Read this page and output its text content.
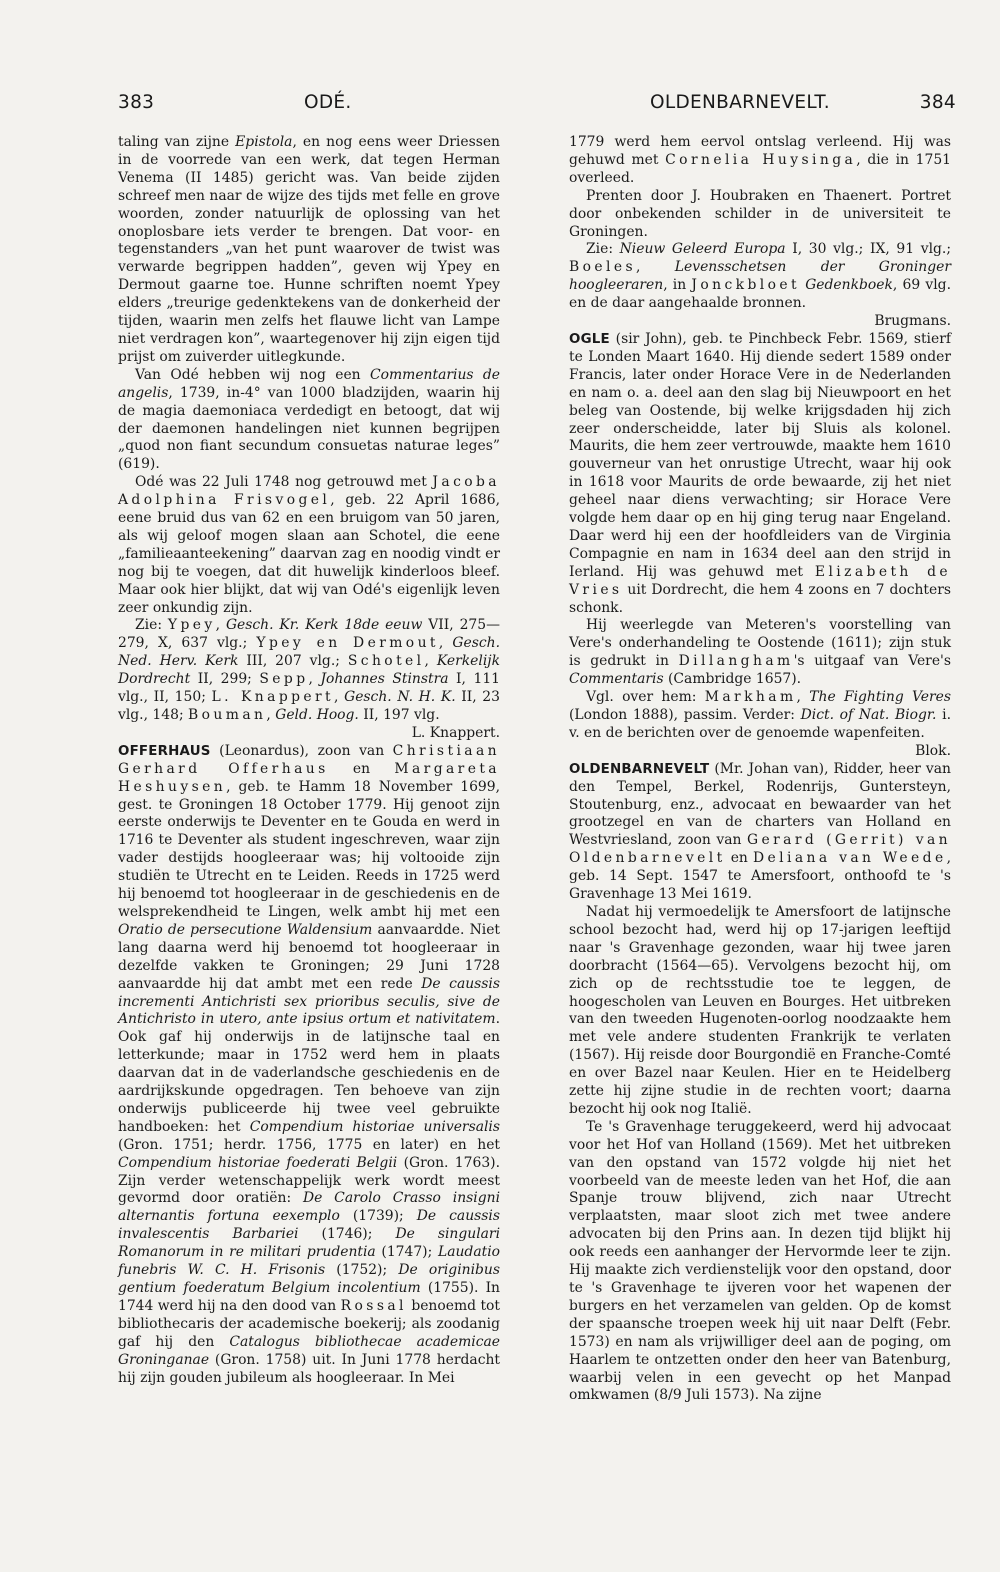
383	ODÉ.	OLDENBARNEVELT.	384

taling van zijne Epistola, en nog eens weer Driessen in de voorrede van een werk, dat tegen Herman Venema (II 1485) gericht was. Van beide zijden schreef men naar de wijze des tijds met felle en grove woorden, zonder natuurlijk de oplossing van het onoplosbare iets verder te brengen. Dat voor- en tegenstanders „van het punt waarover de twist was verwarde begrippen hadden”, geven wij Ypey en Dermout gaarne toe. Hunne schriften noemt Ypey elders „treurige gedenktekens van de donkerheid der tijden, waarin men zelfs het flauwe licht van Lampe niet verdragen kon”, waartegenover hij zijn eigen tijd prijst om zuiverder uitlegkunde.

Van Odé hebben wij nog een Commentarius de angelis, 1739, in-4° van 1000 bladzijden, waarin hij de magia daemoniaca verdedigt en betoogt, dat wij der daemonen handelingen niet kunnen begrijpen „quod non fiant secundum consuetas naturae leges” (619).

Odé was 22 Juli 1748 nog getrouwd met Jacoba Adolphina Frisvogel, geb. 22 April 1686, eene bruid dus van 62 en een bruigom van 50 jaren, als wij geloof mogen slaan aan Schotel, die eene „familieaanteekening” daarvan zag en noodig vindt er nog bij te voegen, dat dit huwelijk kinderloos bleef. Maar ook hier blijkt, dat wij van Odé's eigenlijk leven zeer onkundig zijn.

Zie: Ypey, Gesch. Kr. Kerk 18de eeuw VII, 275—279, X, 637 vlg.; Ypey en Dermout, Gesch. Ned. Herv. Kerk III, 207 vlg.; Schotel, Kerkelijk Dordrecht II, 299; Sepp, Johannes Stinstra I, 111 vlg., II, 150; L. Knappert, Gesch. N. H. K. II, 23 vlg., 148; Bouman, Geld. Hoog. II, 197 vlg.

L. Knappert.

OFFERHAUS (Leonardus), zoon van Christiaan Gerhard Offerhaus en Margareta Heshuysen, geb. te Hamm 18 November 1699, gest. te Groningen 18 October 1779. Hij genoot zijn eerste onderwijs te Deventer en te Gouda en werd in 1716 te Deventer als student ingeschreven, waar zijn vader destijds hoogleeraar was; hij voltooide zijn studiën te Utrecht en te Leiden. Reeds in 1725 werd hij benoemd tot hoogleeraar in de geschiedenis en de welsprekendheid te Lingen, welk ambt hij met een Oratio de persecutione Waldensium aanvaardde. Niet lang daarna werd hij benoemd tot hoogleeraar in dezelfde vakken te Groningen; 29 Juni 1728 aanvaardde hij dat ambt met een rede De caussis incrementi Antichristi sex prioribus seculis, sive de Antichristo in utero, ante ipsius ortum et nativitatem. Ook gaf hij onderwijs in de latijnsche taal en letterkunde; maar in 1752 werd hem in plaats daarvan dat in de vaderlandsche geschiedenis en de aardrijkskunde opgedragen. Ten behoeve van zijn onderwijs publiceerde hij twee veel gebruikte handboeken: het Compendium historiae universalis (Gron. 1751; herdr. 1756, 1775 en later) en het Compendium historiae foederati Belgii (Gron. 1763). Zijn verder wetenschappelijk werk wordt meest gevormd door oratiën: De Carolo Crasso insigni alternantis fortuna eexemplo (1739); De caussis invalescentis Barbariei (1746); De singulari Romanorum in re militari prudentia (1747); Laudatio funebris W. C. H. Frisonis (1752); De originibus gentium foederatum Belgium incolentium (1755). In 1744 werd hij na den dood van Rossal benoemd tot bibliothecaris der academische boekerij; als zoodanig gaf hij den Catalogus bibliothecae academicae Groninganae (Gron. 1758) uit. In Juni 1778 herdacht hij zijn gouden jubileum als hoogleeraar. In Mei

1779 werd hem eervol ontslag verleend. Hij was gehuwd met Cornelia Huysinga, die in 1751 overleed.

Prenten door J. Houbraken en Thaenert. Portret door onbekenden schilder in de universiteit te Groningen.

Zie: Nieuw Geleerd Europa I, 30 vlg.; IX, 91 vlg.; Boeles, Levensschetsen der Groninger hoogleeraren, in Jonckbloet Gedenkboek, 69 vlg. en de daar aangehaalde bronnen.

Brugmans.

OGLE (sir John), geb. te Pinchbeck Febr. 1569, stierf te Londen Maart 1640. Hij diende sedert 1589 onder Francis, later onder Horace Vere in de Nederlanden en nam o. a. deel aan den slag bij Nieuwpoort en het beleg van Oostende, bij welke krijgsdaden hij zich zeer onderscheidde, later bij Sluis als kolonel. Maurits, die hem zeer vertrouwde, maakte hem 1610 gouverneur van het onrustige Utrecht, waar hij ook in 1618 voor Maurits de orde bewaarde, zij het niet geheel naar diens verwachting; sir Horace Vere volgde hem daar op en hij ging terug naar Engeland. Daar werd hij een der hoofdleiders van de Virginia Compagnie en nam in 1634 deel aan den strijd in Ierland. Hij was gehuwd met Elizabeth de Vries uit Dordrecht, die hem 4 zoons en 7 dochters schonk.

Hij weerlegde van Meteren's voorstelling van Vere's onderhandeling te Oostende (1611); zijn stuk is gedrukt in Dillangham's uitgaaf van Vere's Commentaris (Cambridge 1657).

Vgl. over hem: Markham, The Fighting Veres (London 1888), passim. Verder: Dict. of Nat. Biogr. i. v. en de berichten over de genoemde wapenfeiten.

Blok.

OLDENBARNEVELT (Mr. Johan van), Ridder, heer van den Tempel, Berkel, Rodenrijs, Guntersteyn, Stoutenburg, enz., advocaat en bewaarder van het grootzegel en van de charters van Holland en Westvriesland, zoon van Gerard (Gerrit) van Oldenbarnevelt en Deliana van Weede, geb. 14 Sept. 1547 te Amersfoort, onthoofd te 's Gravenhage 13 Mei 1619.

Nadat hij vermoedelijk te Amersfoort de latijnsche school bezocht had, werd hij op 17-jarigen leeftijd naar 's Gravenhage gezonden, waar hij twee jaren doorbracht (1564—65). Vervolgens bezocht hij, om zich op de rechtsstudie toe te leggen, de hoogescholen van Leuven en Bourges. Het uitbreken van den tweeden Hugenoten-oorlog noodzaakte hem met vele andere studenten Frankrijk te verlaten (1567). Hij reisde door Bourgondië en Franche-Comté en over Bazel naar Keulen. Hier en te Heidelberg zette hij zijne studie in de rechten voort; daarna bezocht hij ook nog Italië.

Te 's Gravenhage teruggekeerd, werd hij advocaat voor het Hof van Holland (1569). Met het uitbreken van den opstand van 1572 volgde hij niet het voorbeeld van de meeste leden van het Hof, die aan Spanje trouw blijvend, zich naar Utrecht verplaatsten, maar sloot zich met twee andere advocaten bij den Prins aan. In dezen tijd blijkt hij ook reeds een aanhanger der Hervormde leer te zijn. Hij maakte zich verdienstelijk voor den opstand, door te 's Gravenhage te ijveren voor het wapenen der burgers en het verzamelen van gelden. Op de komst der spaansche troepen week hij uit naar Delft (Febr. 1573) en nam als vrijwilliger deel aan de poging, om Haarlem te ontzetten onder den heer van Batenburg, waarbij velen in een gevecht op het Manpad omkwamen (8/9 Juli 1573). Na zijne
